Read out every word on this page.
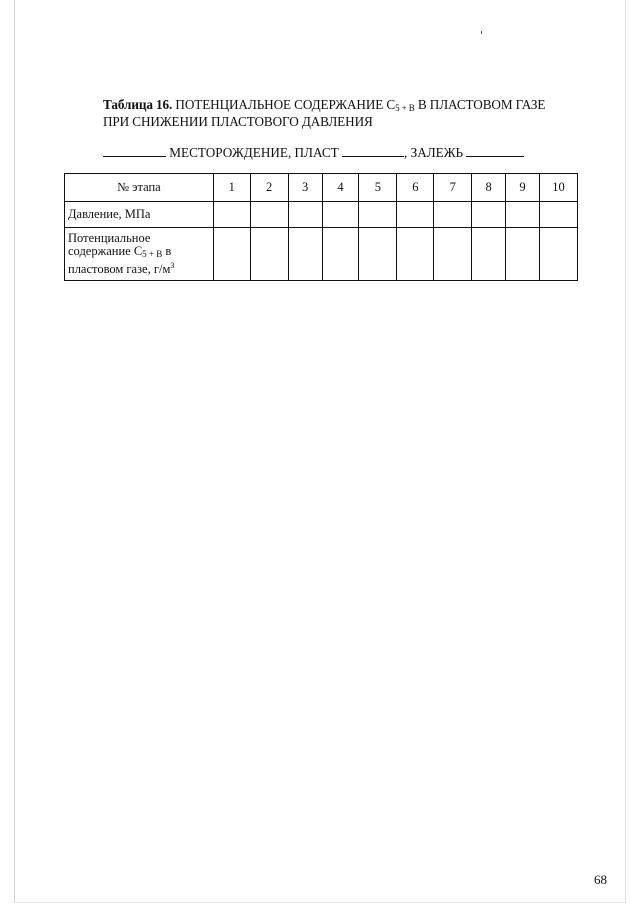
Таблица 16. ПОТЕНЦИАЛЬНОЕ СОДЕРЖАНИЕ С5 + В В ПЛАСТОВОМ ГАЗЕ
ПРИ СНИЖЕНИИ ПЛАСТОВОГО ДАВЛЕНИЯ
МЕСТОРОЖДЕНИЕ, ПЛАСТ	, ЗАЛЕЖЬ
№ этапа	1	2	3	4	5	6	7	8	9	10
Давление, МПа										
Потенциальное
содержание С5 + В в
пластовом газе, $г/м^3$										
68
